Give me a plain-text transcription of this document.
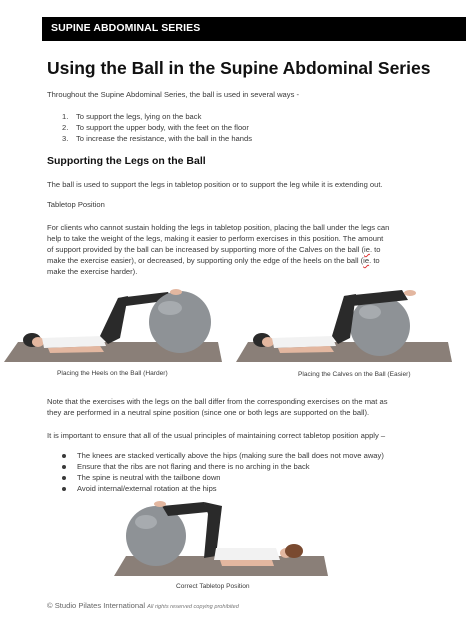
SUPINE ABDOMINAL SERIES
Using the Ball in the Supine Abdominal Series

Throughout the Supine Abdominal Series, the ball is used in several ways -

1. To support the legs, lying on the back
2. To support the upper body, with the feet on the floor
3. To increase the resistance, with the ball in the hands
Supporting the Legs on the Ball

The ball is used to support the legs in tabletop position or to support the leg while it is extending out.

Tabletop Position

For clients who cannot sustain holding the legs in tabletop position, placing the ball under the legs can
help to take the weight of the legs, making it easier to perform exercises in this position. The amount
of support provided by the ball can be increased by supporting more of the Calves on the ball (ie. to
make the exercise easier), or decreased, by supporting only the edge of the heels on the ball (ie. to
make the exercise harder).
Placing the Heels on the Ball (Harder)	Placing the Calves on the Ball (Easier)
Note that the exercises with the legs on the ball differ from the corresponding exercises on the mat as
they are performed in a neutral spine position (since one or both legs are supported on the ball).

It is important to ensure that all of the usual principles of maintaining correct tabletop position apply –

The knees are stacked vertically above the hips (making sure the ball does not move away)
Ensure that the ribs are not flaring and there is no arching in the back
The spine is neutral with the tailbone down
Avoid internal/external rotation at the hips
Correct Tabletop Position
© Studio Pilates International All rights reserved copying prohibited
